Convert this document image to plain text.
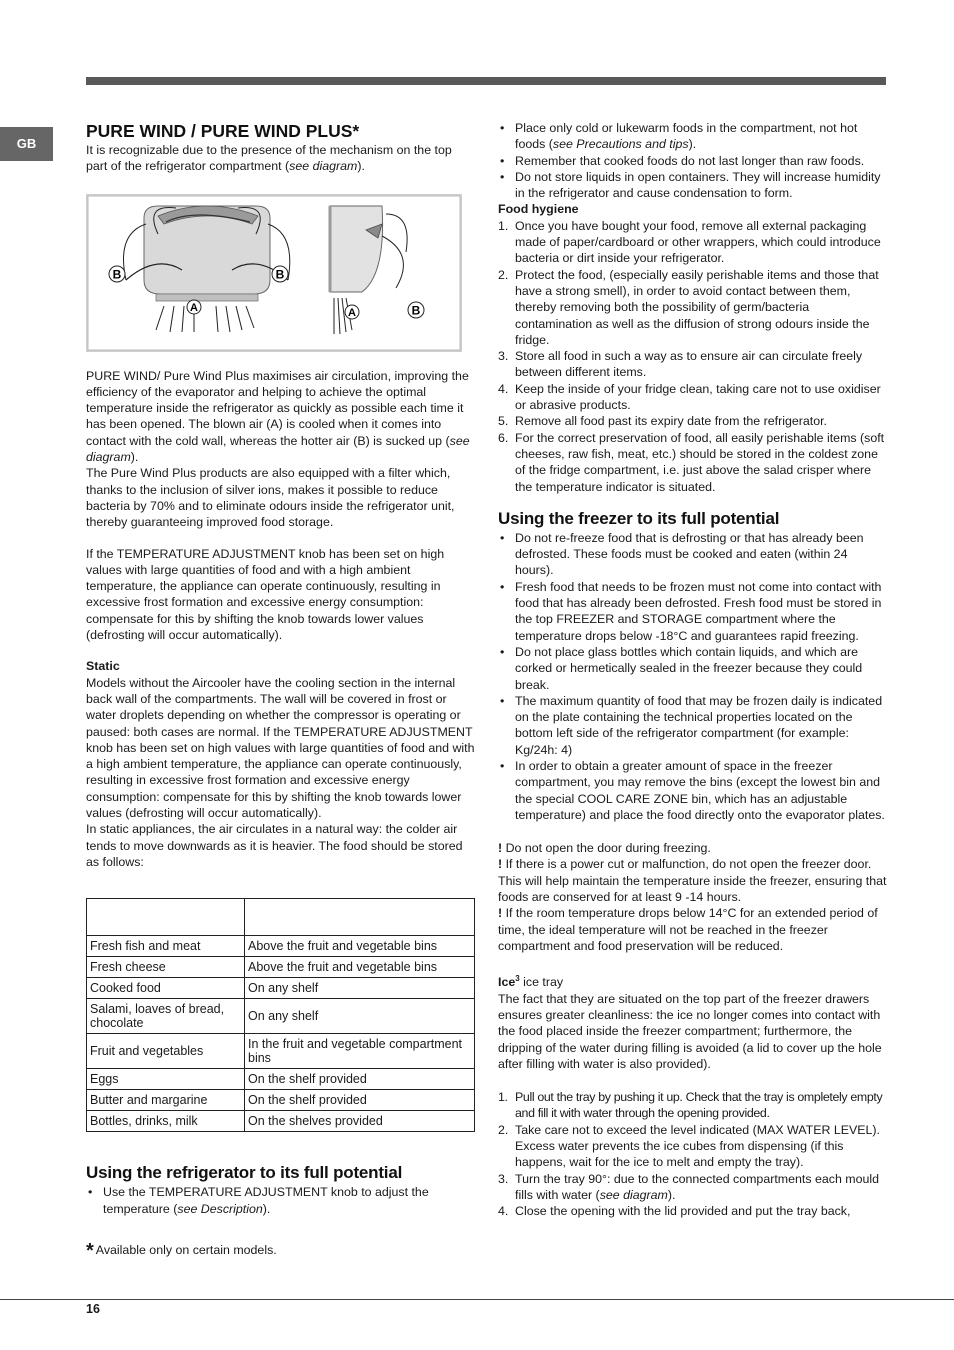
GB
PURE WIND / PURE WIND PLUS*

It is recognizable due to the presence of the mechanism on the top part of the refrigerator compartment (see diagram).

B	B
A	A	B

PURE WIND/ Pure Wind Plus maximises air circulation, improving the efficiency of the evaporator and helping to achieve the optimal temperature inside the refrigerator as quickly as possible each time it has been opened. The blown air (A) is cooled when it comes into contact with the cold wall, whereas the hotter air (B) is sucked up (see diagram).

The Pure Wind Plus products are also equipped with a filter which, thanks to the inclusion of silver ions, makes it possible to reduce bacteria by 70% and to eliminate odours inside the refrigerator unit, thereby guaranteeing improved food storage.

If the TEMPERATURE ADJUSTMENT knob has been set on high values with large quantities of food and with a high ambient temperature, the appliance can operate continuously, resulting in excessive frost formation and excessive energy consumption: compensate for this by shifting the knob towards lower values (defrosting will occur automatically).

Static

Models without the Aircooler have the cooling section in the internal back wall of the compartments. The wall will be covered in frost or water droplets depending on whether the compressor is operating or paused: both cases are normal. If the TEMPERATURE ADJUSTMENT knob has been set on high values with large quantities of food and with a high ambient temperature, the appliance can operate continuously, resulting in excessive frost formation and excessive energy consumption: compensate for this by shifting the knob towards lower values (defrosting will occur automatically).

In static appliances, the air circulates in a natural way: the colder air tends to move downwards as it is heavier. The food should be stored as follows:

Fresh fish and meat	Above the fruit and vegetable bins
Fresh cheese	Above the fruit and vegetable bins
Cooked food	On any shelf
Salami, loaves of bread, chocolate	On any shelf
Fruit and vegetables	In the fruit and vegetable compartment bins
Eggs	On the shelf provided
Butter and margarine	On the shelf provided
Bottles, drinks, milk	On the shelves provided
Using the refrigerator to its full potential
• Use the TEMPERATURE ADJUSTMENT knob to adjust the temperature (see Description).
* Available only on certain models.
• Place only cold or lukewarm foods in the compartment, not hot foods (see Precautions and tips).
• Remember that cooked foods do not last longer than raw foods.
• Do not store liquids in open containers. They will increase humidity in the refrigerator and cause condensation to form.

Food hygiene

1. Once you have bought your food, remove all external packaging made of paper/cardboard or other wrappers, which could introduce bacteria or dirt inside your refrigerator.
2. Protect the food, (especially easily perishable items and those that have a strong smell), in order to avoid contact between them, thereby removing both the possibility of germ/bacteria contamination as well as the diffusion of strong odours inside the fridge.
3. Store all food in such a way as to ensure air can circulate freely between different items.
4. Keep the inside of your fridge clean, taking care not to use oxidiser or abrasive products.
5. Remove all food past its expiry date from the refrigerator.
6. For the correct preservation of food, all easily perishable items (soft cheeses, raw fish, meat, etc.) should be stored in the coldest zone of the fridge compartment, i.e. just above the salad crisper where the temperature indicator is situated.
Using the freezer to its full potential
• Do not re-freeze food that is defrosting or that has already been defrosted. These foods must be cooked and eaten (within 24 hours).
• Fresh food that needs to be frozen must not come into contact with food that has already been defrosted. Fresh food must be stored in the top FREEZER and STORAGE compartment where the temperature drops below -18°C and guarantees rapid freezing.
• Do not place glass bottles which contain liquids, and which are corked or hermetically sealed in the freezer because they could break.
• The maximum quantity of food that may be frozen daily is indicated on the plate containing the technical properties located on the bottom left side of the refrigerator compartment (for example: Kg/24h: 4)
• In order to obtain a greater amount of space in the freezer compartment, you may remove the bins (except the lowest bin and the special COOL CARE ZONE bin, which has an adjustable temperature) and place the food directly onto the evaporator plates.

! Do not open the door during freezing.

! If there is a power cut or malfunction, do not open the freezer door. This will help maintain the temperature inside the freezer, ensuring that foods are conserved for at least 9 -14 hours.

! If the room temperature drops below 14°C for an extended period of time, the ideal temperature will not be reached in the freezer compartment and food preservation will be reduced.

Ice$^3$ ice tray

The fact that they are situated on the top part of the freezer drawers ensures greater cleanliness: the ice no longer comes into contact with the food placed inside the freezer compartment; furthermore, the dripping of the water during filling is avoided (a lid to cover up the hole after filling with water is also provided).

1. Pull out the tray by pushing it up. Check that the tray is ompletely empty and fill it with water through the opening provided.
2. Take care not to exceed the level indicated (MAX WATER LEVEL). Excess water prevents the ice cubes from dispensing (if this happens, wait for the ice to melt and empty the tray).
3. Turn the tray 90°: due to the connected compartments each mould fills with water (see diagram).
4. Close the opening with the lid provided and put the tray back,
16
